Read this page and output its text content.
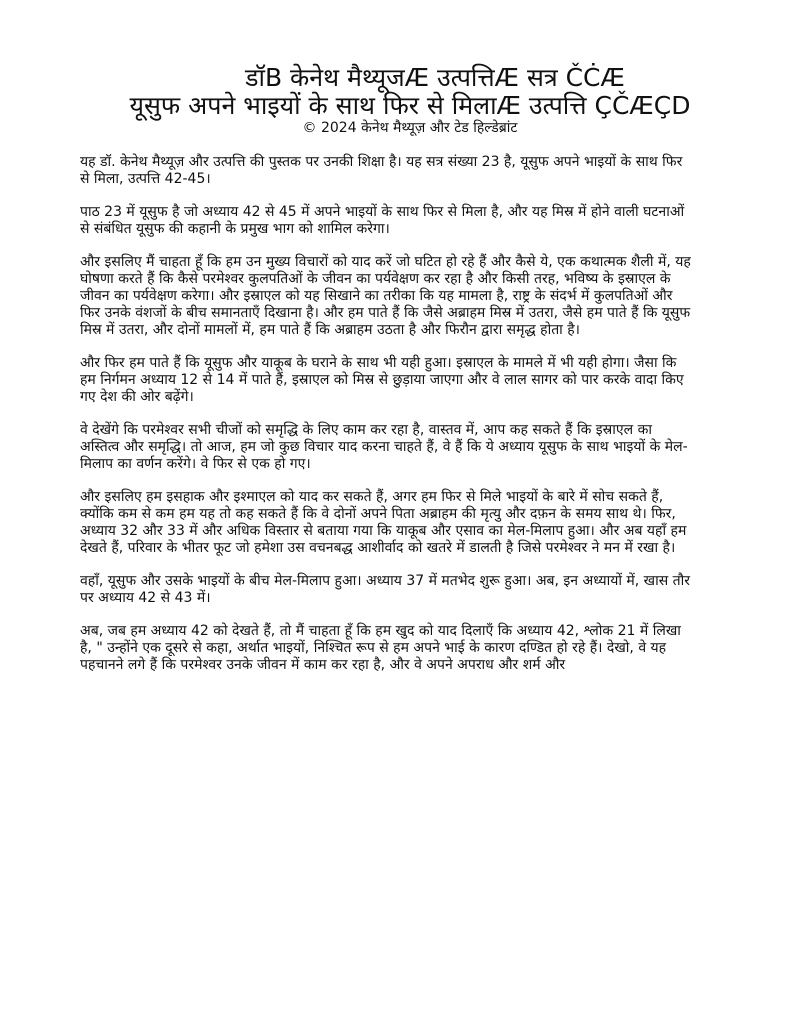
डॉB केनेथ मैथ्यूजÆ उत्पत्तिÆ सत्र ČĊÆ
यूसुफ अपने भाइयों के साथ फिर से मिलाÆ उत्पत्ति ÇČÆÇD
© 2024 केनेथ मैथ्यूज़ और टेड हिल्डेब्रांट

यह डॉ. केनेथ मैथ्यूज़ और उत्पत्ति की पुस्तक पर उनकी शिक्षा है। यह सत्र संख्या 23 है, यूसुफ अपने भाइयों के साथ फिर से मिला, उत्पत्ति 42-45।

पाठ 23 में यूसुफ है जो अध्याय 42 से 45 में अपने भाइयों के साथ फिर से मिला है, और यह मिस्र में होने वाली घटनाओं से संबंधित यूसुफ की कहानी के प्रमुख भाग को शामिल करेगा।

और इसलिए मैं चाहता हूँ कि हम उन मुख्य विचारों को याद करें जो घटित हो रहे हैं और कैसे ये, एक कथात्मक शैली में, यह घोषणा करते हैं कि कैसे परमेश्वर कुलपतिओं के जीवन का पर्यवेक्षण कर रहा है और किसी तरह, भविष्य के इस्राएल के जीवन का पर्यवेक्षण करेगा। और इस्राएल को यह सिखाने का तरीका कि यह मामला है, राष्ट्र के संदर्भ में कुलपतिओं और फिर उनके वंशजों के बीच समानताएँ दिखाना है। और हम पाते हैं कि जैसे अब्राहम मिस्र में उतरा, जैसे हम पाते हैं कि यूसुफ मिस्र में उतरा, और दोनों मामलों में, हम पाते हैं कि अब्राहम उठता है और फिरौन द्वारा समृद्ध होता है।

और फिर हम पाते हैं कि यूसुफ और याकूब के घराने के साथ भी यही हुआ। इस्राएल के मामले में भी यही होगा। जैसा कि हम निर्गमन अध्याय 12 से 14 में पाते हैं, इस्राएल को मिस्र से छुड़ाया जाएगा और वे लाल सागर को पार करके वादा किए गए देश की ओर बढ़ेंगे।

वे देखेंगे कि परमेश्वर सभी चीजों को समृद्धि के लिए काम कर रहा है, वास्तव में, आप कह सकते हैं कि इस्राएल का अस्तित्व और समृद्धि। तो आज, हम जो कुछ विचार याद करना चाहते हैं, वे हैं कि ये अध्याय यूसुफ के साथ भाइयों के मेल-मिलाप का वर्णन करेंगे। वे फिर से एक हो गए।

और इसलिए हम इसहाक और इश्माएल को याद कर सकते हैं, अगर हम फिर से मिले भाइयों के बारे में सोच सकते हैं, क्योंकि कम से कम हम यह तो कह सकते हैं कि वे दोनों अपने पिता अब्राहम की मृत्यु और दफ़न के समय साथ थे। फिर, अध्याय 32 और 33 में और अधिक विस्तार से बताया गया कि याकूब और एसाव का मेल-मिलाप हुआ। और अब यहाँ हम देखते हैं, परिवार के भीतर फूट जो हमेशा उस वचनबद्ध आशीर्वाद को खतरे में डालती है जिसे परमेश्वर ने मन में रखा है।

वहाँ, यूसुफ और उसके भाइयों के बीच मेल-मिलाप हुआ। अध्याय 37 में मतभेद शुरू हुआ। अब, इन अध्यायों में, खास तौर पर अध्याय 42 से 43 में।

अब, जब हम अध्याय 42 को देखते हैं, तो मैं चाहता हूँ कि हम खुद को याद दिलाएँ कि अध्याय 42, श्लोक 21 में लिखा है, " उन्होंने एक दूसरे से कहा, अर्थात भाइयों, निश्चित रूप से हम अपने भाई के कारण दण्डित हो रहे हैं। देखो, वे यह पहचानने लगे हैं कि परमेश्वर उनके जीवन में काम कर रहा है, और वे अपने अपराध और शर्म और
